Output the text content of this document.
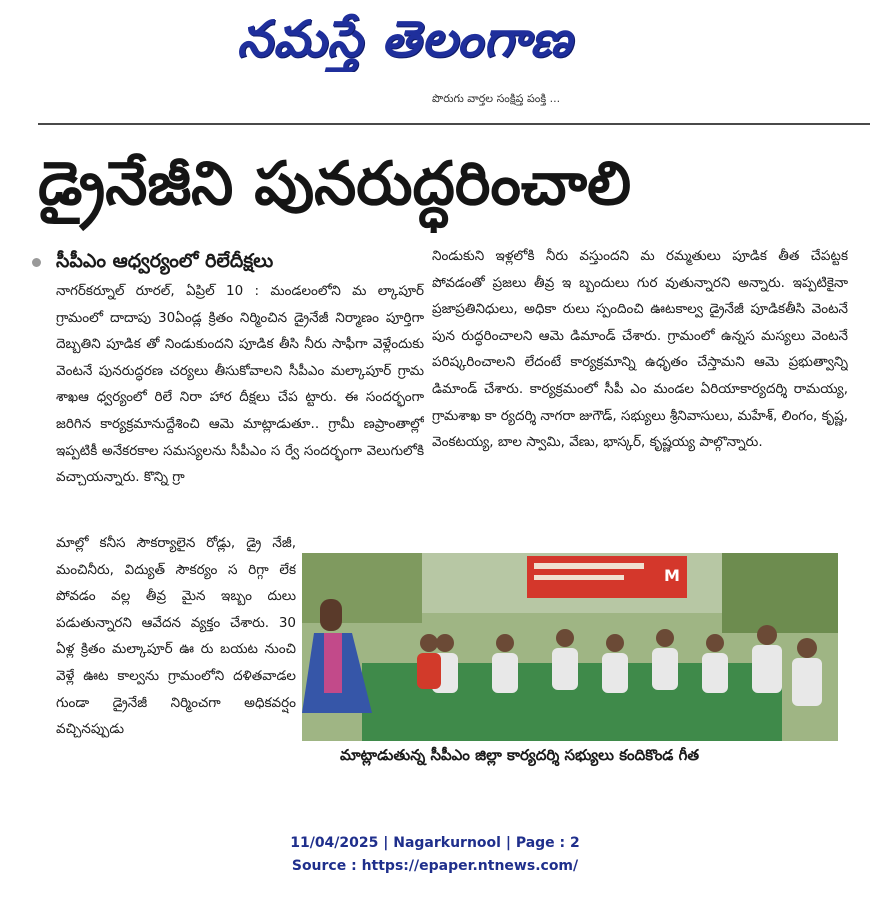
నమస్తే తెలంగాణ
పొరుగు వార్తల సంక్షిప్త పంక్తి ...
డ్రైనేజీని పునరుద్ధరించాలి
సీపీఎం ఆధ్వర్యంలో రిలేదీక్షలు

నాగర్‌కర్నూల్ రూరల్, ఏప్రిల్ 10 : మండలంలోని మ ల్కాపూర్ గ్రామంలో దాదాపు 30ఏండ్ల క్రితం నిర్మించిన డ్రైనేజీ నిర్మాణం పూర్తిగా దెబ్బతిని పూడిక తో నిండుకుందని పూడిక తీసి నీరు సాఫీగా వెళ్లేందుకు వెంటనే పునరుద్ధరణ చర్యలు తీసుకోవాలని సీపీఎం మల్కాపూర్ గ్రామ శాఖఆ ధ్వర్యంలో రిలే నిరా హార దీక్షలు చేప ట్టారు. ఈ సందర్భంగా జరిగిన కార్యక్రమానుద్దేశించి ఆమె మాట్లాడుతూ.. గ్రామీ ణప్రాంతాల్లో ఇప్పటికీ అనేకరకాల సమస్యలను సీపీఎం స ర్వే సందర్భంగా వెలుగులోకి వచ్చాయన్నారు. కొన్ని గ్రా

మాల్లో కనీస సౌకర్యాలైన రోడ్లు, డ్రై నేజీ, మంచినీరు, విద్యుత్ సౌకర్యం స రిగ్గా లేక పోవడం వల్ల తీవ్ర మైన ఇబ్బం దులు పడుతున్నారని ఆవేదన వ్యక్తం చేశారు. 30 ఏళ్ల క్రితం మల్కాపూర్ ఊ రు బయట నుంచి వెళ్లే ఊట కాల్వను గ్రామంలోని దళితవాడల గుండా డ్రైనేజీ నిర్మించగా అధికవర్షం వచ్చినప్పుడు

నిండుకుని ఇళ్లలోకి నీరు వస్తుందని మ రమ్మతులు పూడిక తీత చేపట్టక పోవడంతో ప్రజలు తీవ్ర ఇ బ్బందులు గుర వుతున్నారని అన్నారు. ఇప్పటికైనా ప్రజాప్రతినిధులు, అధికా రులు స్పందించి ఊటకాల్వ డ్రైనేజీ పూడికతీసి వెంటనే పున రుద్ధరించాలని ఆమె డిమాండ్ చేశారు. గ్రామంలో ఉన్నస మస్యలు వెంటనే పరిష్కరించాలని లేదంటే కార్యక్రమాన్ని ఉధృతం చేస్తామని ఆమె ప్రభుత్వాన్ని డిమాండ్ చేశారు. కార్యక్రమంలో సీపీ ఎం మండల ఏరియాకార్యదర్శి రామయ్య, గ్రామశాఖ కా ర్యదర్శి నాగరా జుగౌడ్, సభ్యులు శ్రీనివాసులు, మహేశ్, లింగం, కృష్ణ, వెంకటయ్య, బాల స్వామి, వేణు, భాస్కర్, కృష్ణయ్య పాల్గొన్నారు.

M
మాట్లాడుతున్న సీపీఎం జిల్లా కార్యదర్శి సభ్యులు కందికొండ గీత
11/04/2025 | Nagarkurnool | Page : 2
Source : https://epaper.ntnews.com/
